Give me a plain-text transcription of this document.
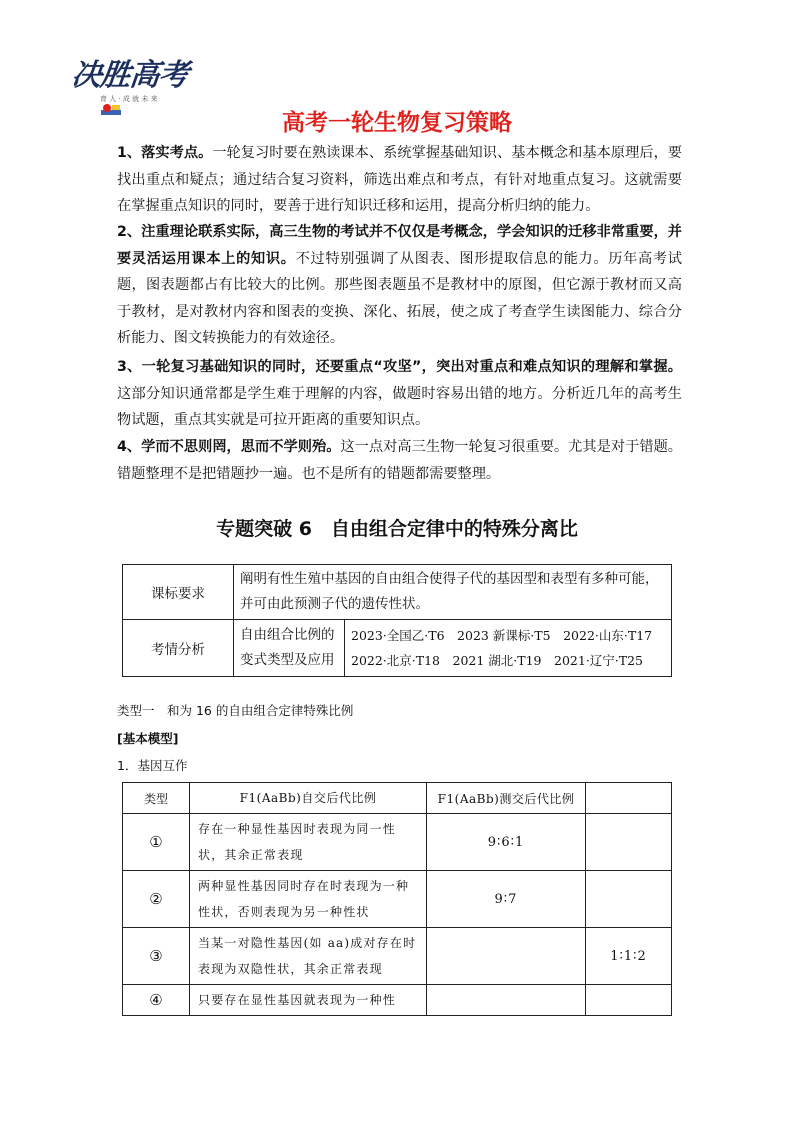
决胜高考
育 人 · 成 就 未 来
高考一轮生物复习策略
1、落实考点。一轮复习时要在熟读课本、系统掌握基础知识、基本概念和基本原理后，要找出重点和疑点；通过结合复习资料，筛选出难点和考点，有针对地重点复习。这就需要在掌握重点知识的同时，要善于进行知识迁移和运用，提高分析归纳的能力。
2、注重理论联系实际，高三生物的考试并不仅仅是考概念，学会知识的迁移非常重要，并要灵活运用课本上的知识。不过特别强调了从图表、图形提取信息的能力。历年高考试题，图表题都占有比较大的比例。那些图表题虽不是教材中的原图，但它源于教材而又高于教材，是对教材内容和图表的变换、深化、拓展，使之成了考查学生读图能力、综合分析能力、图文转换能力的有效途径。
3、一轮复习基础知识的同时，还要重点“攻坚”，突出对重点和难点知识的理解和掌握。这部分知识通常都是学生难于理解的内容，做题时容易出错的地方。分析近几年的高考生物试题，重点其实就是可拉开距离的重要知识点。
4、学而不思则罔，思而不学则殆。这一点对高三生物一轮复习很重要。尤其是对于错题。错题整理不是把错题抄一遍。也不是所有的错题都需要整理。
专题突破 6　自由组合定律中的特殊分离比
课标要求	阐明有性生殖中基因的自由组合使得子代的基因型和表型有多种可能，并可由此预测子代的遗传性状。	
考情分析	自由组合比例的变式类型及应用	2023·全国乙·T6　2023 新课标·T5　2022·山东·T17
2022·北京·T18　2021 湖北·T19　2021·辽宁·T25
类型一　和为 16 的自由组合定律特殊比例
[基本模型]
1．基因互作
类型	F1(AaBb)自交后代比例	F1(AaBb)测交后代比例	
①	存在一种显性基因时表现为同一性状，其余正常表现	9∶6∶1	
②	两种显性基因同时存在时表现为一种性状，否则表现为另一种性状	9∶7	
③	当某一对隐性基因(如 aa)成对存在时表现为双隐性状，其余正常表现		1∶1∶2
④	只要存在显性基因就表现为一种性		
